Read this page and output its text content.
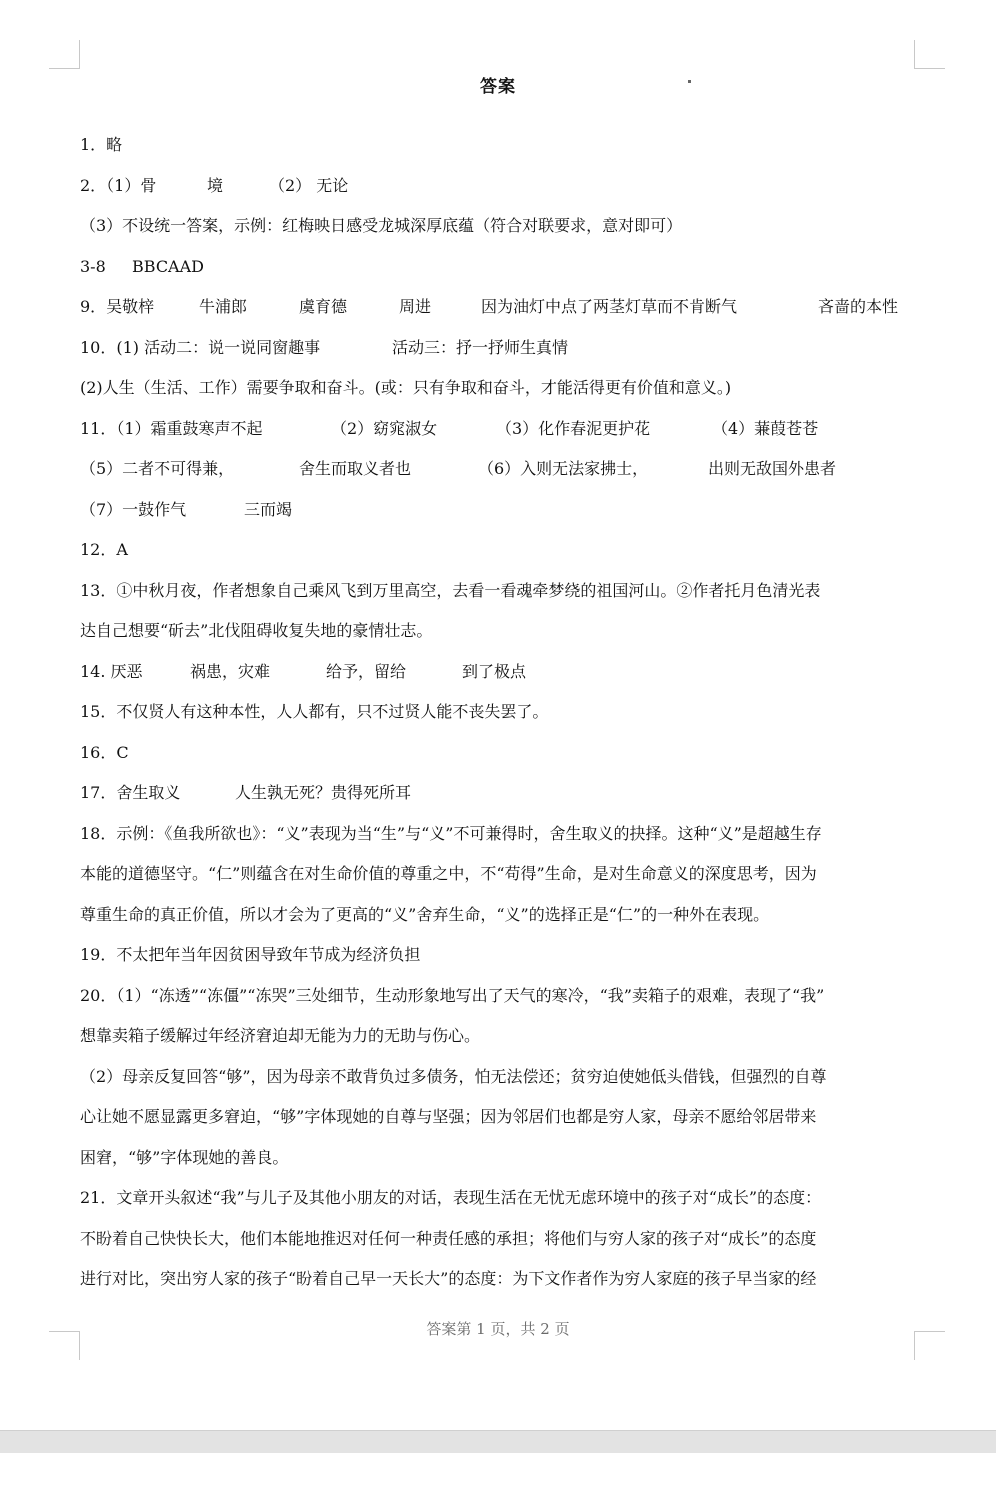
答案
1．略
2．（1）骨	境	（2） 无论
（3）不设统一答案，示例：红梅映日感受龙城深厚底蕴（符合对联要求，意对即可）
3-8 BBCAAD
9．吴敬梓	牛浦郎	虞育德	周进	因为油灯中点了两茎灯草而不肯断气	吝啬的本性
10．(1) 活动二：说一说同窗趣事	活动三：抒一抒师生真情
(2)人生（生活、工作）需要争取和奋斗。(或：只有争取和奋斗，才能活得更有价值和意义。)
11．（1）霜重鼓寒声不起	（2）窈窕淑女	（3）化作春泥更护花	（4）蒹葭苍苍
（5）二者不可得兼，	舍生而取义者也	（6）入则无法家拂士，	出则无敌国外患者
（7）一鼓作气	三而竭
12．A
13．①中秋月夜，作者想象自己乘风飞到万里高空，去看一看魂牵梦绕的祖国河山。②作者托月色清光表
达自己想要“斫去”北伐阻碍收复失地的豪情壮志。
14. 厌恶	祸患，灾难	给予，留给	到了极点
15．不仅贤人有这种本性，人人都有，只不过贤人能不丧失罢了。
16．C
17．舍生取义	人生孰无死？贵得死所耳
18．示例：《鱼我所欲也》：“义”表现为当“生”与“义”不可兼得时，舍生取义的抉择。这种“义”是超越生存
本能的道德坚守。“仁”则蕴含在对生命价值的尊重之中，不“苟得”生命，是对生命意义的深度思考，因为
尊重生命的真正价值，所以才会为了更高的“义”舍弃生命，“义”的选择正是“仁”的一种外在表现。
19．不太把年当年因贫困导致年节成为经济负担
20．（1）“冻透”“冻僵”“冻哭”三处细节，生动形象地写出了天气的寒冷，“我”卖箱子的艰难，表现了“我”
想靠卖箱子缓解过年经济窘迫却无能为力的无助与伤心。
（2）母亲反复回答“够”，因为母亲不敢背负过多债务，怕无法偿还；贫穷迫使她低头借钱，但强烈的自尊
心让她不愿显露更多窘迫，“够”字体现她的自尊与坚强；因为邻居们也都是穷人家，母亲不愿给邻居带来
困窘，“够”字体现她的善良。
21．文章开头叙述“我”与儿子及其他小朋友的对话，表现生活在无忧无虑环境中的孩子对“成长”的态度：
不盼着自己快快长大，他们本能地推迟对任何一种责任感的承担；将他们与穷人家的孩子对“成长”的态度
进行对比，突出穷人家的孩子“盼着自己早一天长大”的态度：为下文作者作为穷人家庭的孩子早当家的经
答案第 1 页，共 2 页
